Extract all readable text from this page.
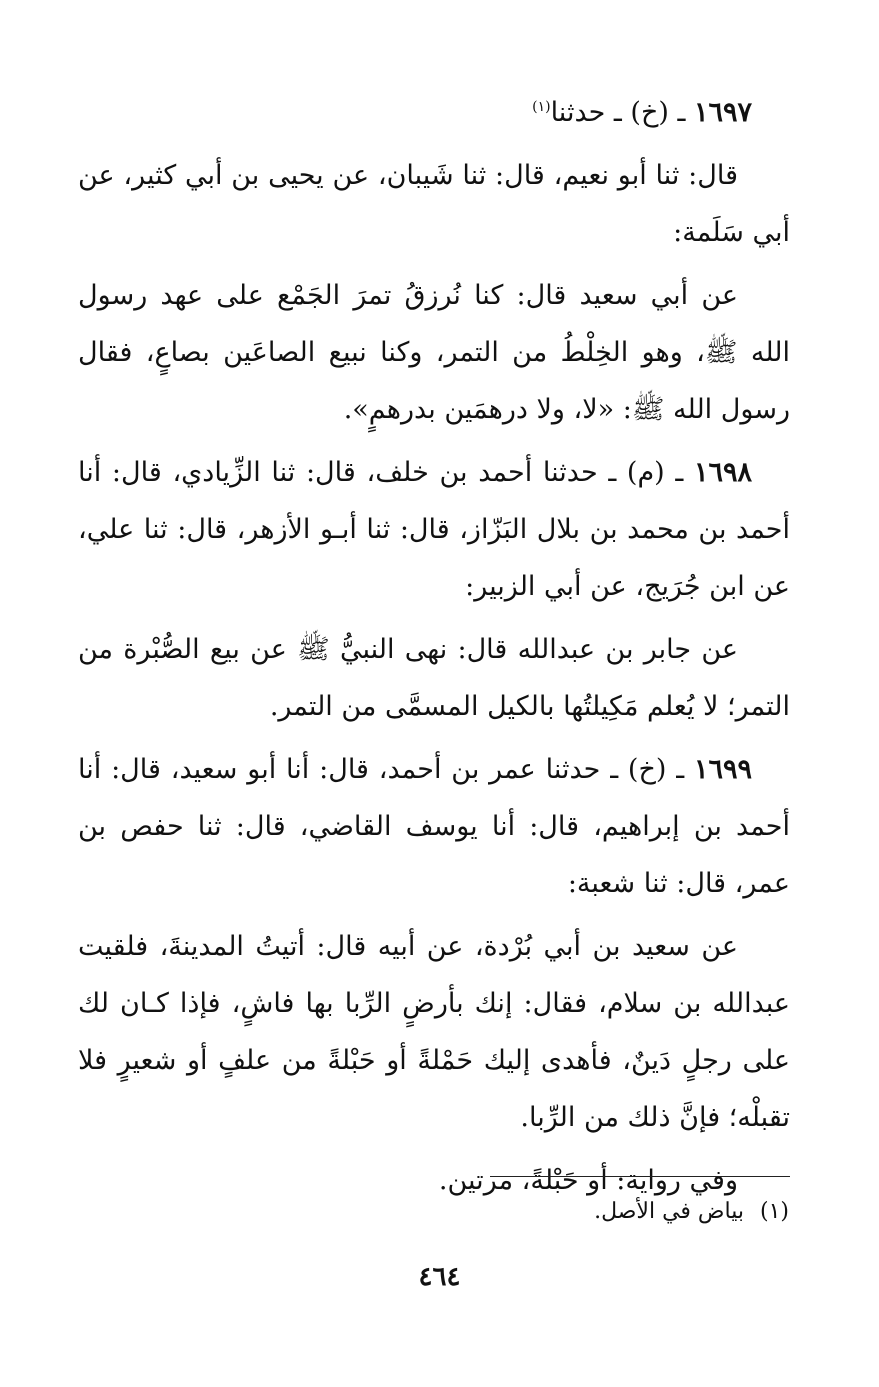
١٦٩٧ ـ (خ) ـ حدثنا$^{(١)}$

قال: ثنا أبو نعيم، قال: ثنا شَيبان، عن يحيى بن أبي كثير، عن أبي سَلَمة:

عن أبي سعيد قال: كنا نُرزقُ تمرَ الجَمْع على عهد رسول الله ﷺ، وهو الخِلْطُ من التمر، وكنا نبيع الصاعَين بصاعٍ، فقال رسول الله ﷺ: «لا، ولا درهمَين بدرهمٍ».

١٦٩٨ ـ (م) ـ حدثنا أحمد بن خلف، قال: ثنا الزِّيادي، قال: أنا أحمد بن محمد بن بلال البَزّاز، قال: ثنا أبـو الأزهر، قال: ثنا علي، عن ابن جُرَيج، عن أبي الزبير:

عن جابر بن عبدالله قال: نهى النبيُّ ﷺ عن بيع الصُّبْرة من التمر؛ لا يُعلم مَكِيلتُها بالكيل المسمَّى من التمر.

١٦٩٩ ـ (خ) ـ حدثنا عمر بن أحمد، قال: أنا أبو سعيد، قال: أنا أحمد بن إبراهيم، قال: أنا يوسف القاضي، قال: ثنا حفص بن عمر، قال: ثنا شعبة:

عن سعيد بن أبي بُرْدة، عن أبيه قال: أتيتُ المدينةَ، فلقيت عبدالله بن سلام، فقال: إنك بأرضٍ الرِّبا بها فاشٍ، فإذا كـان لك على رجلٍ دَينٌ، فأهدى إليك حَمْلةً أو حَبْلةً من علفٍ أو شعيرٍ فلا تقبلْه؛ فإنَّ ذلك من الرِّبا.

وفي رواية: أو حَبْلةً، مرتين.

(١)بياض في الأصل.
٤٦٤
